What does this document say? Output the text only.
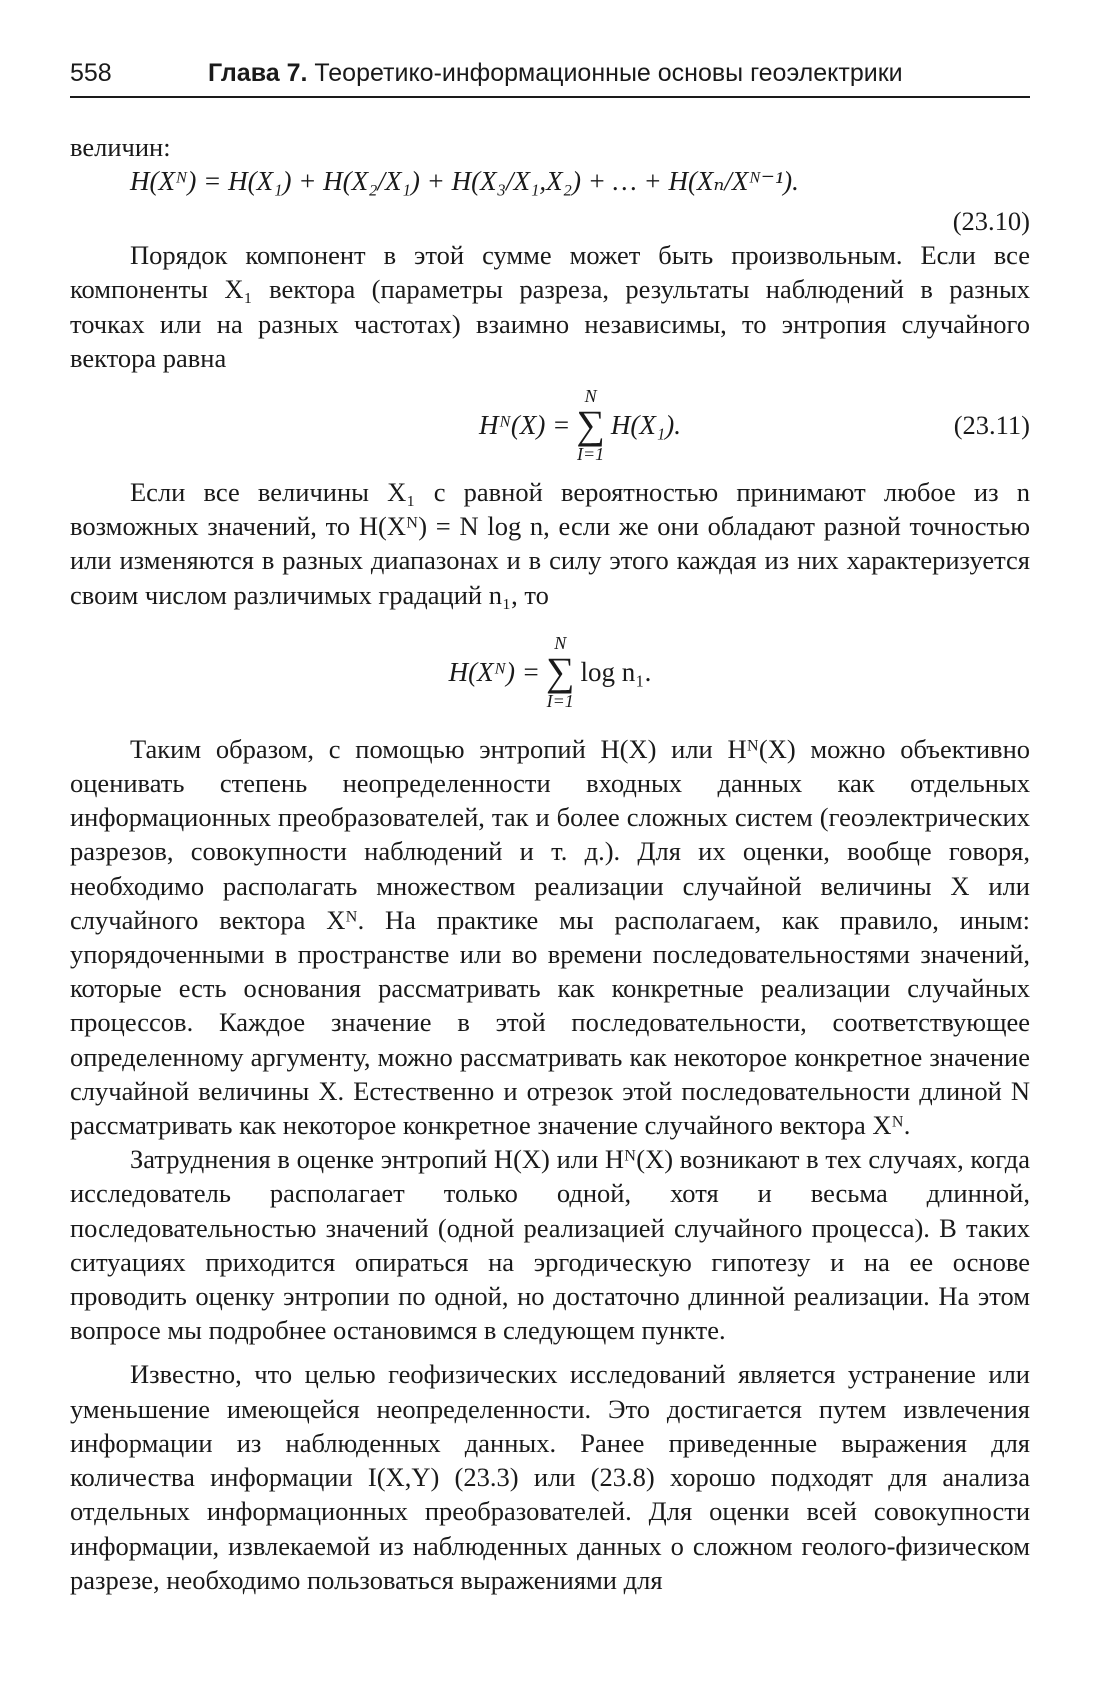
558	Глава 7. Теоретико-информационные основы геоэлектрики

величин:

H(Xᴺ) = H(X₁) + H(X₂/X₁) + H(X₃/X₁,X₂) + … + H(Xₙ/Xᴺ⁻¹).
(23.10)

Порядок компонент в этой сумме может быть произвольным. Если все компоненты X₁ вектора (параметры разреза, результаты наблюдений в разных точках или на разных частотах) взаимно независимы, то энтропия случайного вектора равна

Hᴺ(X) =
N
∑
I=1
H(X₁).	(23.11)

Если все величины X₁ с равной вероятностью принимают любое из n возможных значений, то H(Xᴺ) = N log n, если же они обладают разной точностью или изменяются в разных диапазонах и в силу этого каждая из них характеризуется своим числом различимых градаций n₁, то

H(Xᴺ) =
N
∑
I=1
log n₁.

Таким образом, с помощью энтропий H(X) или Hᴺ(X) можно объективно оценивать степень неопределенности входных данных как отдельных информационных преобразователей, так и более сложных систем (геоэлектрических разрезов, совокупности наблюдений и т. д.). Для их оценки, вообще говоря, необходимо располагать множеством реализации случайной величины X или случайного вектора Xᴺ. На практике мы располагаем, как правило, иным: упорядоченными в пространстве или во времени последовательностями значений, которые есть основания рассматривать как конкретные реализации случайных процессов. Каждое значение в этой последовательности, соответствующее определенному аргументу, можно рассматривать как некоторое конкретное значение случайной величины X. Естественно и отрезок этой последовательности длиной N рассматривать как некоторое конкретное значение случайного вектора Xᴺ.

Затруднения в оценке энтропий H(X) или Hᴺ(X) возникают в тех случаях, когда исследователь располагает только одной, хотя и весьма длинной, последовательностью значений (одной реализацией случайного процесса). В таких ситуациях приходится опираться на эргодическую гипотезу и на ее основе проводить оценку энтропии по одной, но достаточно длинной реализации. На этом вопросе мы подробнее остановимся в следующем пункте.

Известно, что целью геофизических исследований является устранение или уменьшение имеющейся неопределенности. Это достигается путем извлечения информации из наблюденных данных. Ранее приведенные выражения для количества информации I(X,Y) (23.3) или (23.8) хорошо подходят для анализа отдельных информационных преобразователей. Для оценки всей совокупности информации, извлекаемой из наблюденных данных о сложном геолого-физическом разрезе, необходимо пользоваться выражениями для
